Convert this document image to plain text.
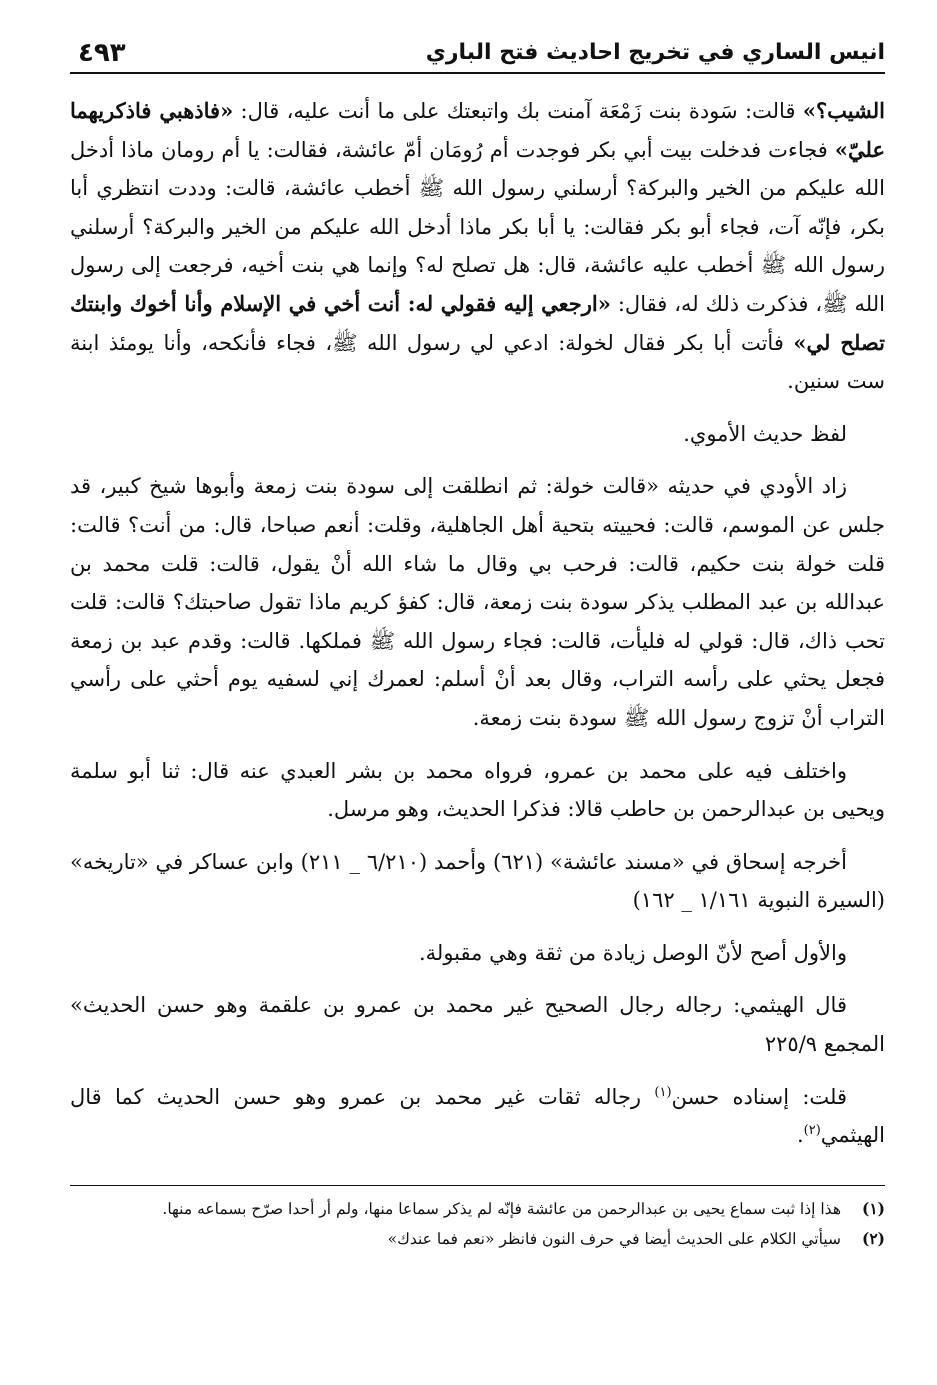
انيس الساري في تخريج احاديث فتح الباري
٤٩٣

الشيب؟» قالت: سَودة بنت زَمْعَة آمنت بك واتبعتك على ما أنت عليه، قال: «فاذهبي فاذكريهما عليّ» فجاءت فدخلت بيت أبي بكر فوجدت أم رُومَان أمّ عائشة، فقالت: يا أم رومان ماذا أدخل الله عليكم من الخير والبركة؟ أرسلني رسول الله ﷺ أخطب عائشة، قالت: وددت انتظري أبا بكر، فإنّه آت، فجاء أبو بكر فقالت: يا أبا بكر ماذا أدخل الله عليكم من الخير والبركة؟ أرسلني رسول الله ﷺ أخطب عليه عائشة، قال: هل تصلح له؟ وإنما هي بنت أخيه، فرجعت إلى رسول الله ﷺ، فذكرت ذلك له، فقال: «ارجعي إليه فقولي له: أنت أخي في الإسلام وأنا أخوك وابنتك تصلح لي» فأتت أبا بكر فقال لخولة: ادعي لي رسول الله ﷺ، فجاء فأنكحه، وأنا يومئذ ابنة ست سنين.

لفظ حديث الأموي.

زاد الأودي في حديثه «قالت خولة: ثم انطلقت إلى سودة بنت زمعة وأبوها شيخ كبير، قد جلس عن الموسم، قالت: فحييته بتحية أهل الجاهلية، وقلت: أنعم صباحا، قال: من أنت؟ قالت: قلت خولة بنت حكيم، قالت: فرحب بي وقال ما شاء الله أنْ يقول، قالت: قلت محمد بن عبدالله بن عبد المطلب يذكر سودة بنت زمعة، قال: كفؤ كريم ماذا تقول صاحبتك؟ قالت: قلت تحب ذاك، قال: قولي له فليأت، قالت: فجاء رسول الله ﷺ فملكها. قالت: وقدم عبد بن زمعة فجعل يحثي على رأسه التراب، وقال بعد أنْ أسلم: لعمرك إني لسفيه يوم أحثي على رأسي التراب أنْ تزوج رسول الله ﷺ سودة بنت زمعة.

واختلف فيه على محمد بن عمرو، فرواه محمد بن بشر العبدي عنه قال: ثنا أبو سلمة ويحيى بن عبدالرحمن بن حاطب قالا: فذكرا الحديث، وهو مرسل.

أخرجه إسحاق في «مسند عائشة» (٦٢١) وأحمد (٦/٢١٠ _ ٢١١) وابن عساكر في «تاريخه» (السيرة النبوية ١/١٦١ _ ١٦٢)

والأول أصح لأنّ الوصل زيادة من ثقة وهي مقبولة.

قال الهيثمي: رجاله رجال الصحيح غير محمد بن عمرو بن علقمة وهو حسن الحديث» المجمع ٢٢٥/٩

قلت: إسناده حسن$^{(١)}$ رجاله ثقات غير محمد بن عمرو وهو حسن الحديث كما قال الهيثمي$^{(٢)}$.

(١)
هذا إذا ثبت سماع يحيى بن عبدالرحمن من عائشة فإنّه لم يذكر سماعا منها، ولم أر أحدا صرّح بسماعه منها.
(٢)
سيأتي الكلام على الحديث أيضا في حرف النون فانظر «نعم فما عندك»
